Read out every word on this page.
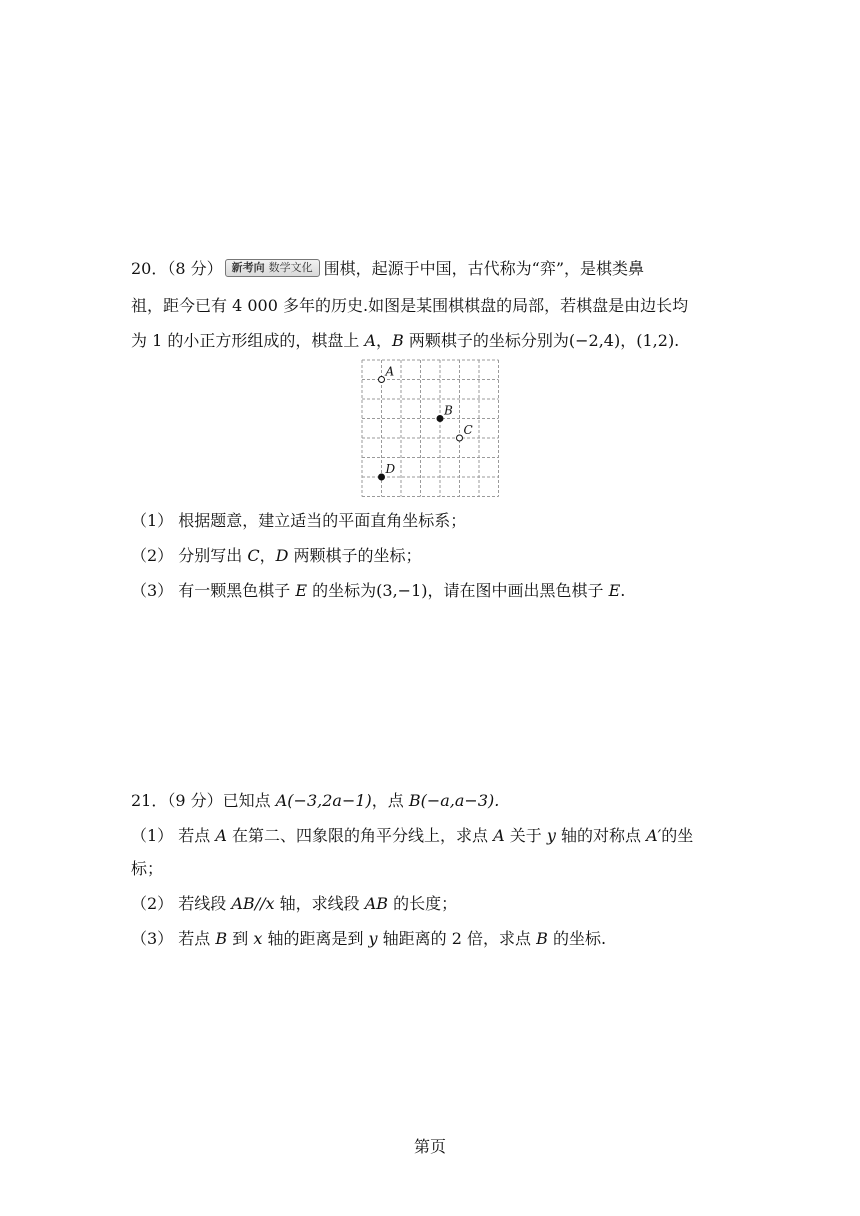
20．（8 分） 新考向 数学文化 围棋，起源于中国，古代称为“弈”，是棋类鼻
祖，距今已有 4 000 多年的历史.如图是某围棋棋盘的局部，若棋盘是由边长均
为 1 的小正方形组成的，棋盘上 A，B 两颗棋子的坐标分别为(−2,4)，(1,2).
A
B
C
D
（1） 根据题意，建立适当的平面直角坐标系；
（2） 分别写出 C，D 两颗棋子的坐标；
（3） 有一颗黑色棋子 E 的坐标为(3,−1)，请在图中画出黑色棋子 E.
21．（9 分）已知点 A(−3,2a−1)，点 B(−a,a−3).
（1） 若点 A 在第二、四象限的角平分线上，求点 A 关于 y 轴的对称点 A′的坐
标；
（2） 若线段 AB//x 轴，求线段 AB 的长度；
（3） 若点 B 到 x 轴的距离是到 y 轴距离的 2 倍，求点 B 的坐标.
第页
